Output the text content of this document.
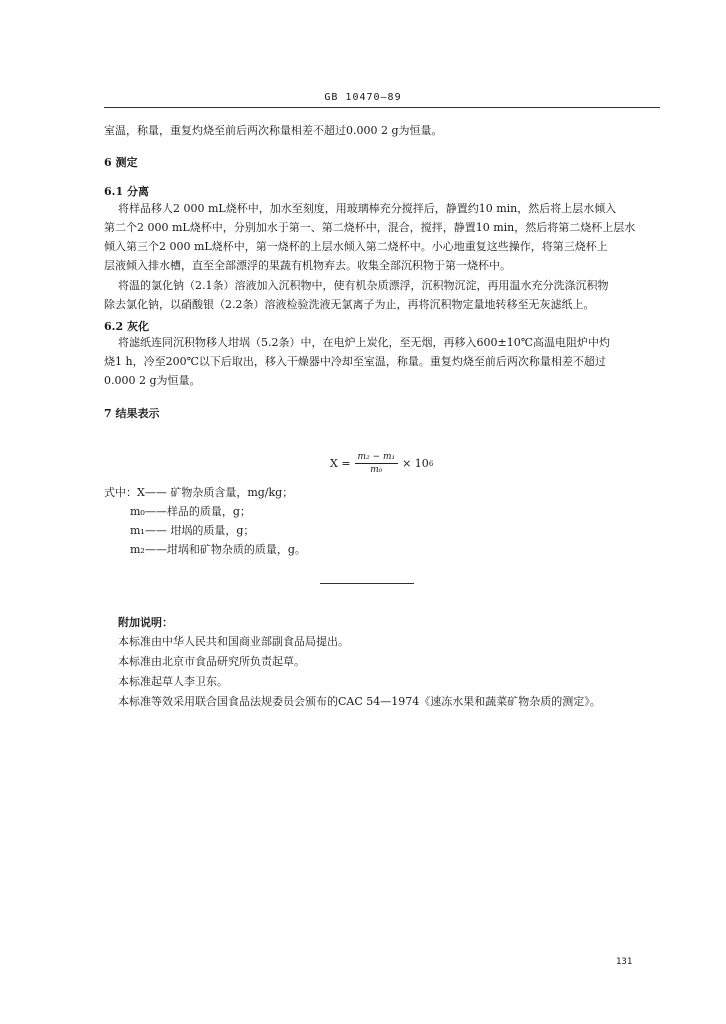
GB 10470—89
室温，称量，重复灼烧至前后两次称量相差不超过0.000 2 g为恒量。
6 测定
6.1 分离
将样品移人2 000 mL烧杯中，加水至刻度，用玻璃棒充分搅拌后，静置约10 min，然后将上层水倾入
第二个2 000 mL烧杯中，分别加水于第一、第二烧杯中，混合，搅拌，静置10 min，然后将第二烧杯上层水
倾入第三个2 000 mL烧杯中，第一烧杯的上层水倾入第二烧杯中。小心地重复这些操作，将第三烧杯上
层液倾入排水槽，直至全部漂浮的果蔬有机物弃去。收集全部沉积物于第一烧杯中。
将温的氯化钠（2.1条）溶液加入沉积物中，使有机杂质漂浮，沉积物沉淀，再用温水充分洗涤沉积物
除去氯化钠，以硝酸银（2.2条）溶液检验洗液无氯离子为止，再将沉积物定量地转移至无灰滤纸上。
6.2 灰化
将滤纸连同沉积物移人坩埚（5.2条）中，在电炉上炭化，至无烟，再移入600±10℃高温电阻炉中灼
烧1 h，冷至200℃以下后取出，移入干燥器中冷却至室温，称量。重复灼烧至前后两次称量相差不超过
0.000 2 g为恒量。
7 结果表示
$X = \frac{\text{m₂ − m₁}}{\text{m₀}} \times 10$ 6
式中：X—— 矿物杂质含量，mg/kg；
m₀——样品的质量，g；
m₁—— 坩埚的质量，g；
m₂——坩埚和矿物杂质的质量，g。
附加说明：
本标准由中华人民共和国商业部副食品局提出。
本标准由北京市食品研究所负责起草。
本标准起草人李卫东。
本标准等效采用联合国食品法规委员会颁布的CAC 54—1974《速冻水果和蔬菜矿物杂质的测定》。
131
